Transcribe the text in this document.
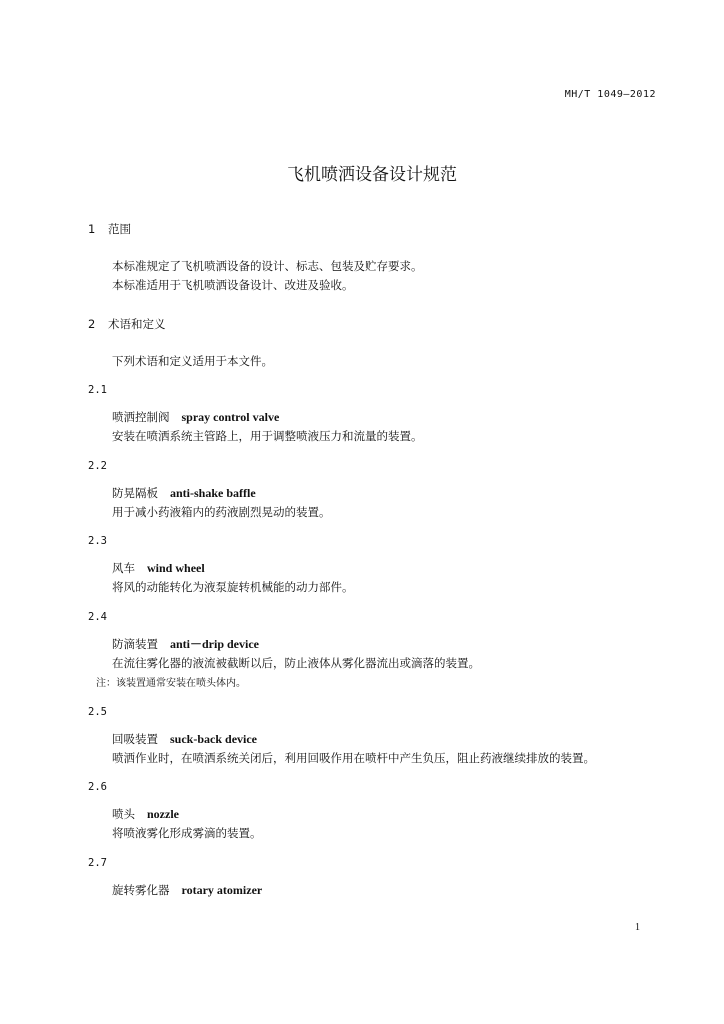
MH/T 1049—2012
飞机喷洒设备设计规范
1 范围
本标准规定了飞机喷洒设备的设计、标志、包装及贮存要求。
本标准适用于飞机喷洒设备设计、改进及验收。
2 术语和定义
下列术语和定义适用于本文件。
2.1
喷洒控制阀 spray control valve
安装在喷洒系统主管路上，用于调整喷液压力和流量的装置。
2.2
防晃隔板 anti-shake baffle
用于减小药液箱内的药液剧烈晃动的装置。
2.3
风车 wind wheel
将风的动能转化为液泵旋转机械能的动力部件。
2.4
防滴装置 anti－drip device
在流往雾化器的液流被截断以后，防止液体从雾化器流出或滴落的装置。
注：该装置通常安装在喷头体内。
2.5
回吸装置 suck-back device
喷洒作业时，在喷洒系统关闭后，利用回吸作用在喷杆中产生负压，阻止药液继续排放的装置。
2.6
喷头 nozzle
将喷液雾化形成雾滴的装置。
2.7
旋转雾化器 rotary atomizer
1
